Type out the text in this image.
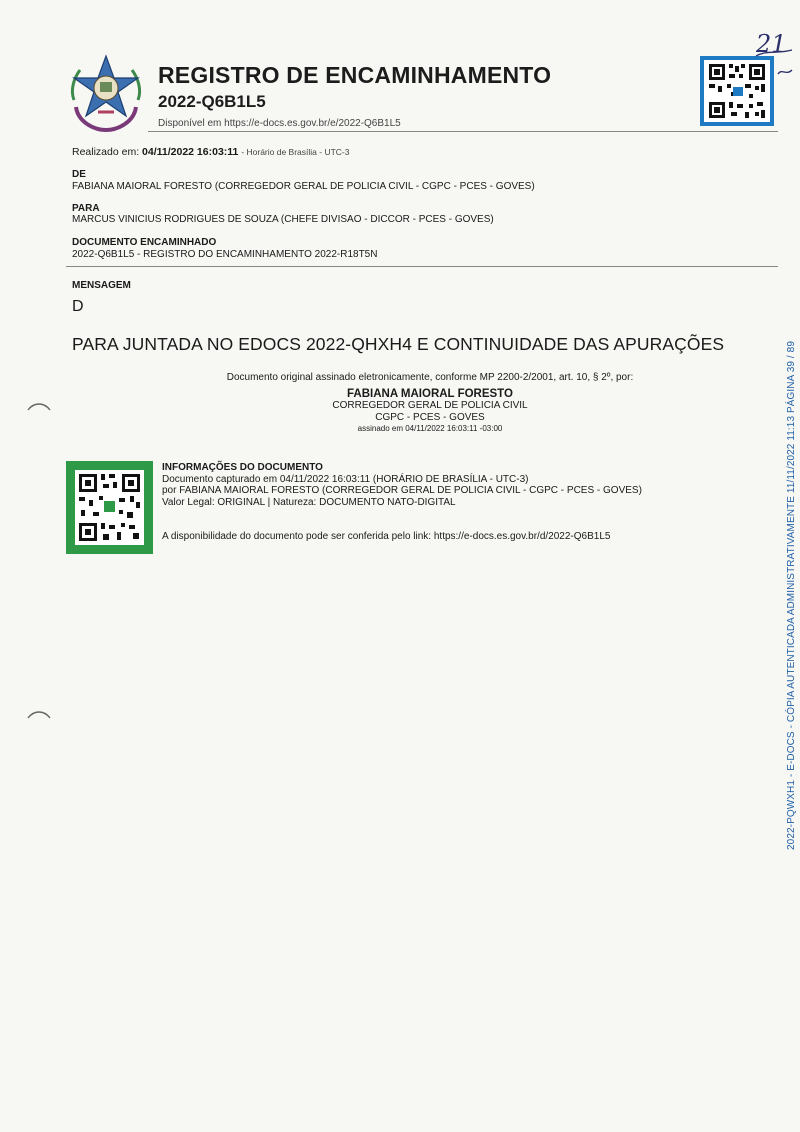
REGISTRO DE ENCAMINHAMENTO
2022-Q6B1L5
Disponível em https://e-docs.es.gov.br/e/2022-Q6B1L5
21
Realizado em: 04/11/2022 16:03:11 - Horário de Brasília - UTC-3
DE
FABIANA MAIORAL FORESTO (CORREGEDOR GERAL DE POLICIA CIVIL - CGPC - PCES - GOVES)
PARA
MARCUS VINICIUS RODRIGUES DE SOUZA (CHEFE DIVISAO - DICCOR - PCES - GOVES)
DOCUMENTO ENCAMINHADO
2022-Q6B1L5 - REGISTRO DO ENCAMINHAMENTO 2022-R18T5N
MENSAGEM
D
PARA JUNTADA NO EDOCS 2022-QHXH4 E CONTINUIDADE DAS APURAÇÕES
Documento original assinado eletronicamente, conforme MP 2200-2/2001, art. 10, § 2º, por:
FABIANA MAIORAL FORESTO
CORREGEDOR GERAL DE POLICIA CIVIL
CGPC - PCES - GOVES
assinado em 04/11/2022 16:03:11 -03:00
INFORMAÇÕES DO DOCUMENTO
Documento capturado em 04/11/2022 16:03:11 (HORÁRIO DE BRASÍLIA - UTC-3)
por FABIANA MAIORAL FORESTO (CORREGEDOR GERAL DE POLICIA CIVIL - CGPC - PCES - GOVES)
Valor Legal: ORIGINAL | Natureza: DOCUMENTO NATO-DIGITAL
A disponibilidade do documento pode ser conferida pelo link: https://e-docs.es.gov.br/d/2022-Q6B1L5	2022-PQWXH1 - E-DOCS - CÓPIA AUTENTICADA ADMINISTRATIVAMENTE 11/11/2022 11:13 PÁGINA 39 / 89
